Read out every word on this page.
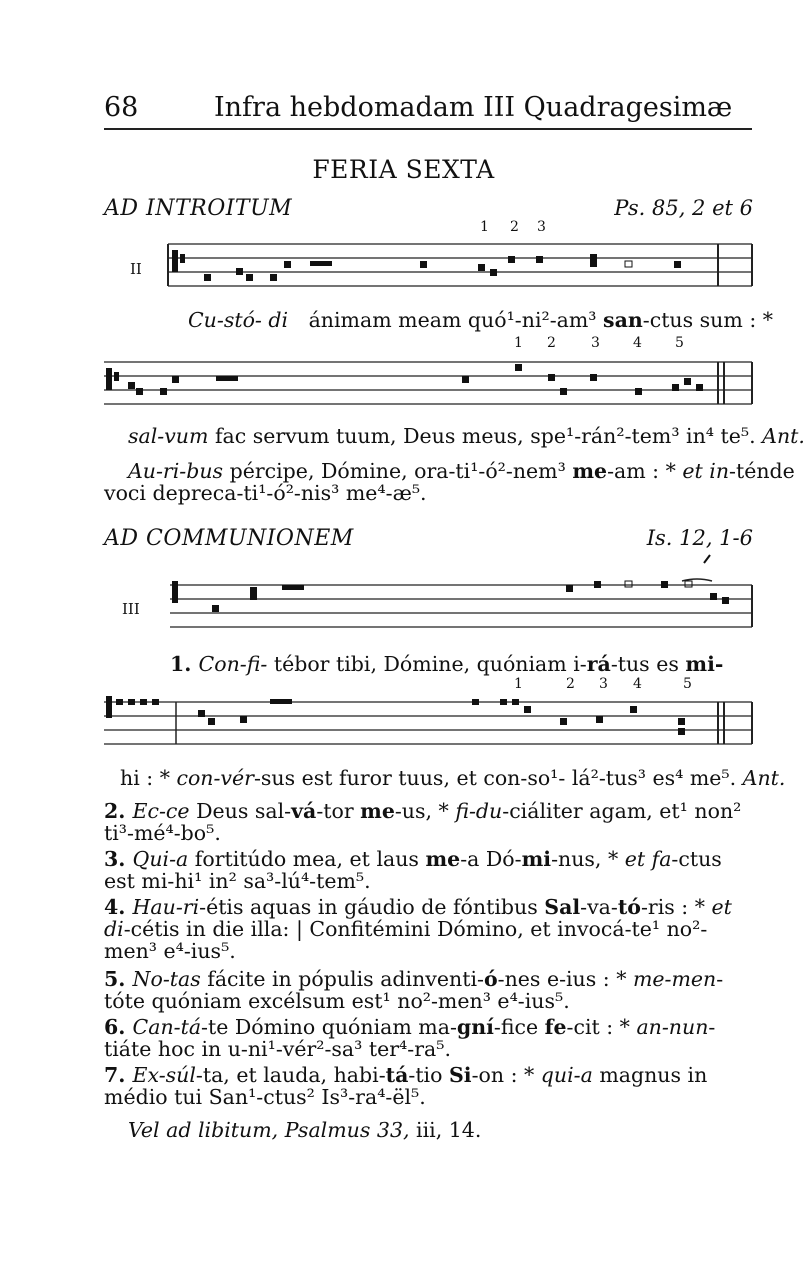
68	Infra hebdomadam III Quadragesimæ
FERIA SEXTA
AD INTROITUM	Ps. 85, 2 et 6
1 2 3
II
Cu-stó- di ánimam meam quó¹-ni²-am³ san-ctus sum : *
1 2	3 4 5
sal-vum fac servum tuum, Deus meus, spe¹-rán²-tem³ in⁴ te⁵. Ant.
Au-ri-bus pércipe, Dómine, ora-ti¹-ó²-nem³ me-am : * et in-ténde
voci depreca-ti¹-ó²-nis³ me⁴-æ⁵.
AD COMMUNIONEM	Is. 12, 1-6
III
1. Con-fi- tébor tibi, Dómine, quóniam i-rá-tus es mi-
1	2 3 4	5
hi : * con-vér-sus est furor tuus, et con-so¹- lá²-tus³ es⁴ me⁵. Ant.
2. Ec-ce Deus sal-vá-tor me-us, * fi-du-ciáliter agam, et¹ non² ti³-mé⁴-bo⁵.
3. Qui-a fortitúdo mea, et laus me-a Dó-mi-nus, * et fa-ctus est mi-hi¹ in² sa³-lú⁴-tem⁵.
4. Hau-ri-étis aquas in gáudio de fóntibus Sal-va-tó-ris : * et di-cétis in die illa: | Confitémini Dómino, et invocá-te¹ no²-men³ e⁴-ius⁵.
5. No-tas fácite in pópulis adinventi-ó-nes e-ius : * me-men-tóte quóniam excélsum est¹ no²-men³ e⁴-ius⁵.
6. Can-tá-te Dómino quóniam ma-gní-fice fe-cit : * an-nun-tiáte hoc in u-ni¹-vér²-sa³ ter⁴-ra⁵.
7. Ex-súl-ta, et lauda, habi-tá-tio Si-on : * qui-a magnus in médio tui San¹-ctus² Is³-ra⁴-ël⁵.
Vel ad libitum, Psalmus 33, iii, 14.
